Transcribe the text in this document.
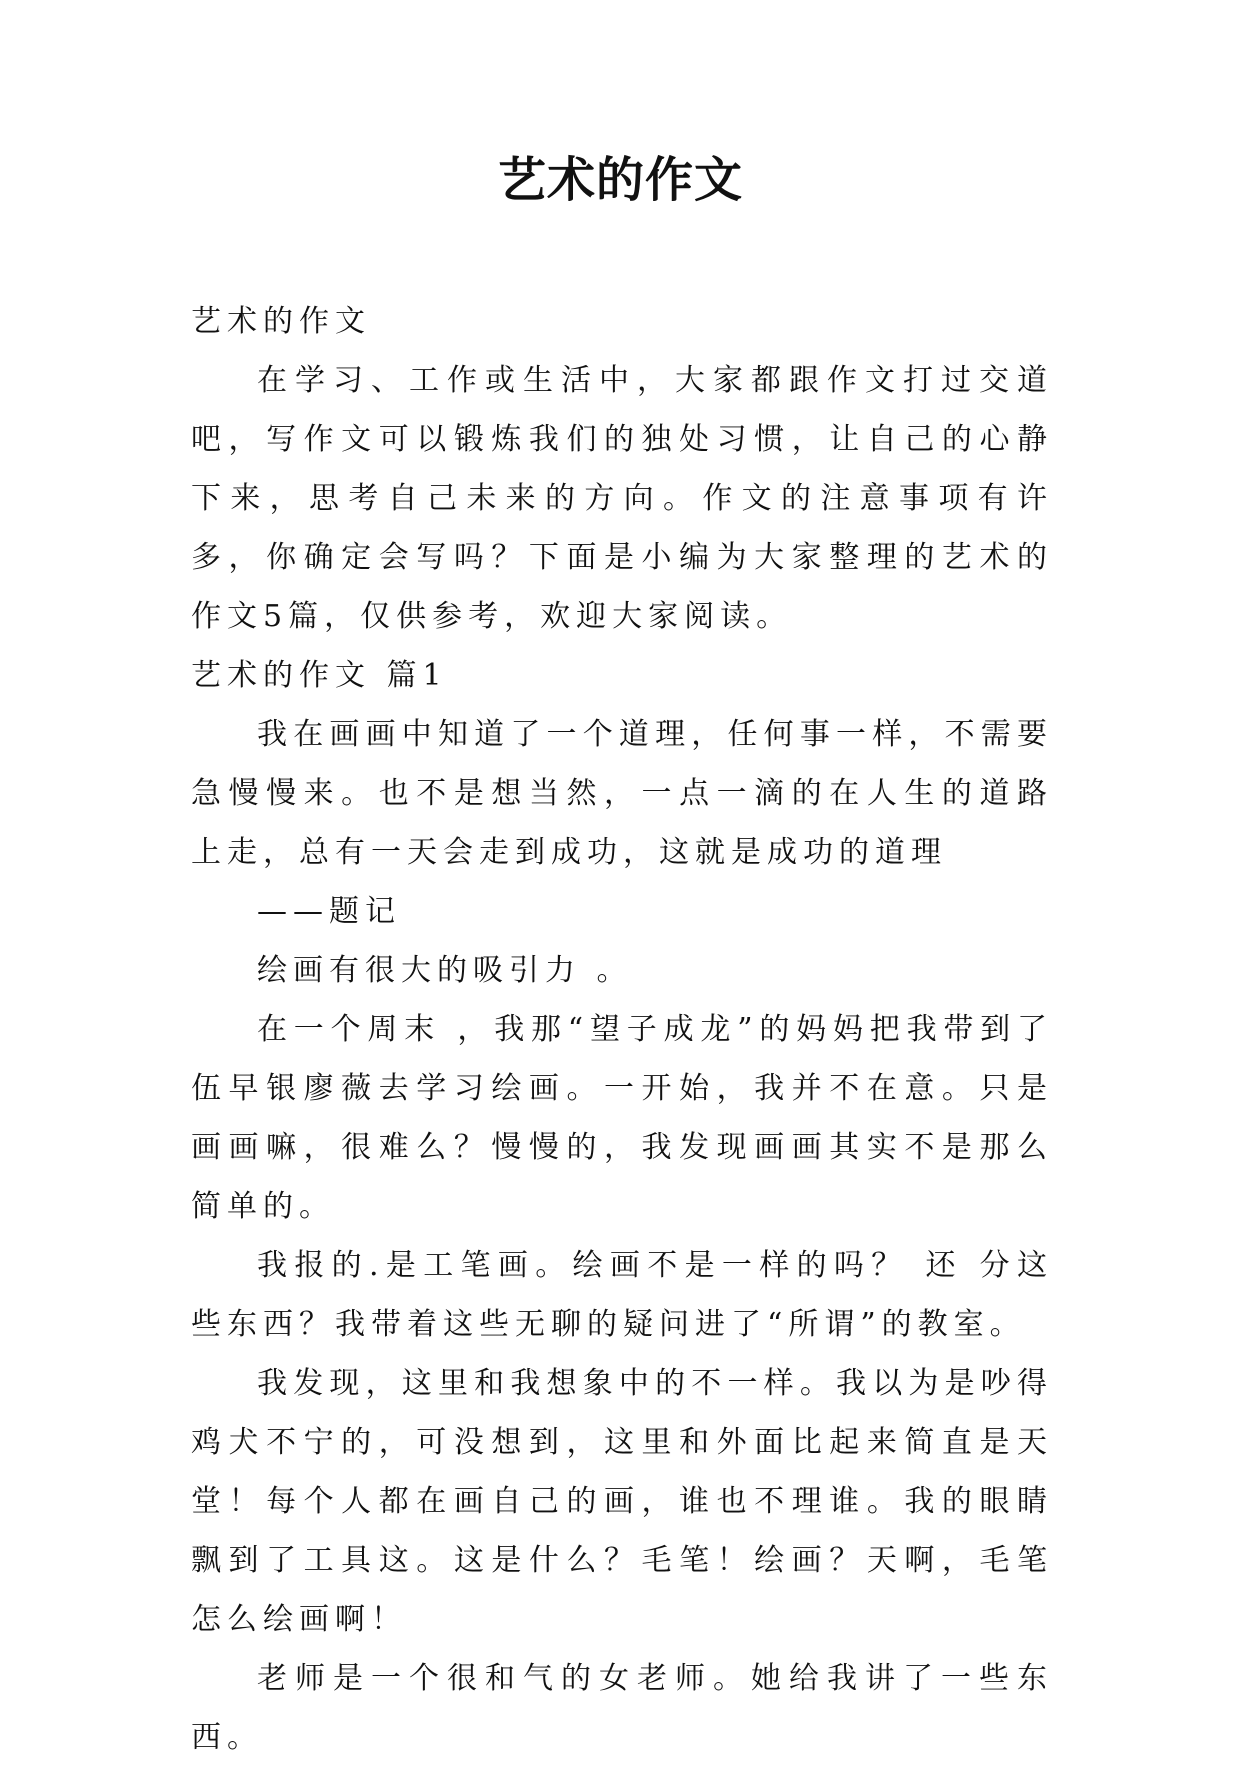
艺术的作文

艺术的作文

在学习、工作或生活中，大家都跟作文打过交道吧，写作文可以锻炼我们的独处习惯，让自己的心静下来，思考自己未来的方向。作文的注意事项有许多，你确定会写吗？下面是小编为大家整理的艺术的作文5篇，仅供参考，欢迎大家阅读。

艺术的作文 篇1

我在画画中知道了一个道理，任何事一样，不需要急慢慢来。也不是想当然，一点一滴的在人生的道路上走，总有一天会走到成功，这就是成功的道理

——题记

绘画有很大的吸引力 。

在一个周末 ，我那“望子成龙”的妈妈把我带到了伍早银廖薇去学习绘画。一开始，我并不在意。只是画画嘛，很难么？慢慢的，我发现画画其实不是那么简单的。

我报的.是工笔画。绘画不是一样的吗？ 还 分这些东西？我带着这些无聊的疑问进了“所谓”的教室。

我发现，这里和我想象中的不一样。我以为是吵得鸡犬不宁的，可没想到，这里和外面比起来简直是天堂！每个人都在画自己的画，谁也不理谁。我的眼睛飘到了工具这。这是什么？毛笔！绘画？天啊，毛笔怎么绘画啊！

老师是一个很和气的女老师。她给我讲了一些东西。
